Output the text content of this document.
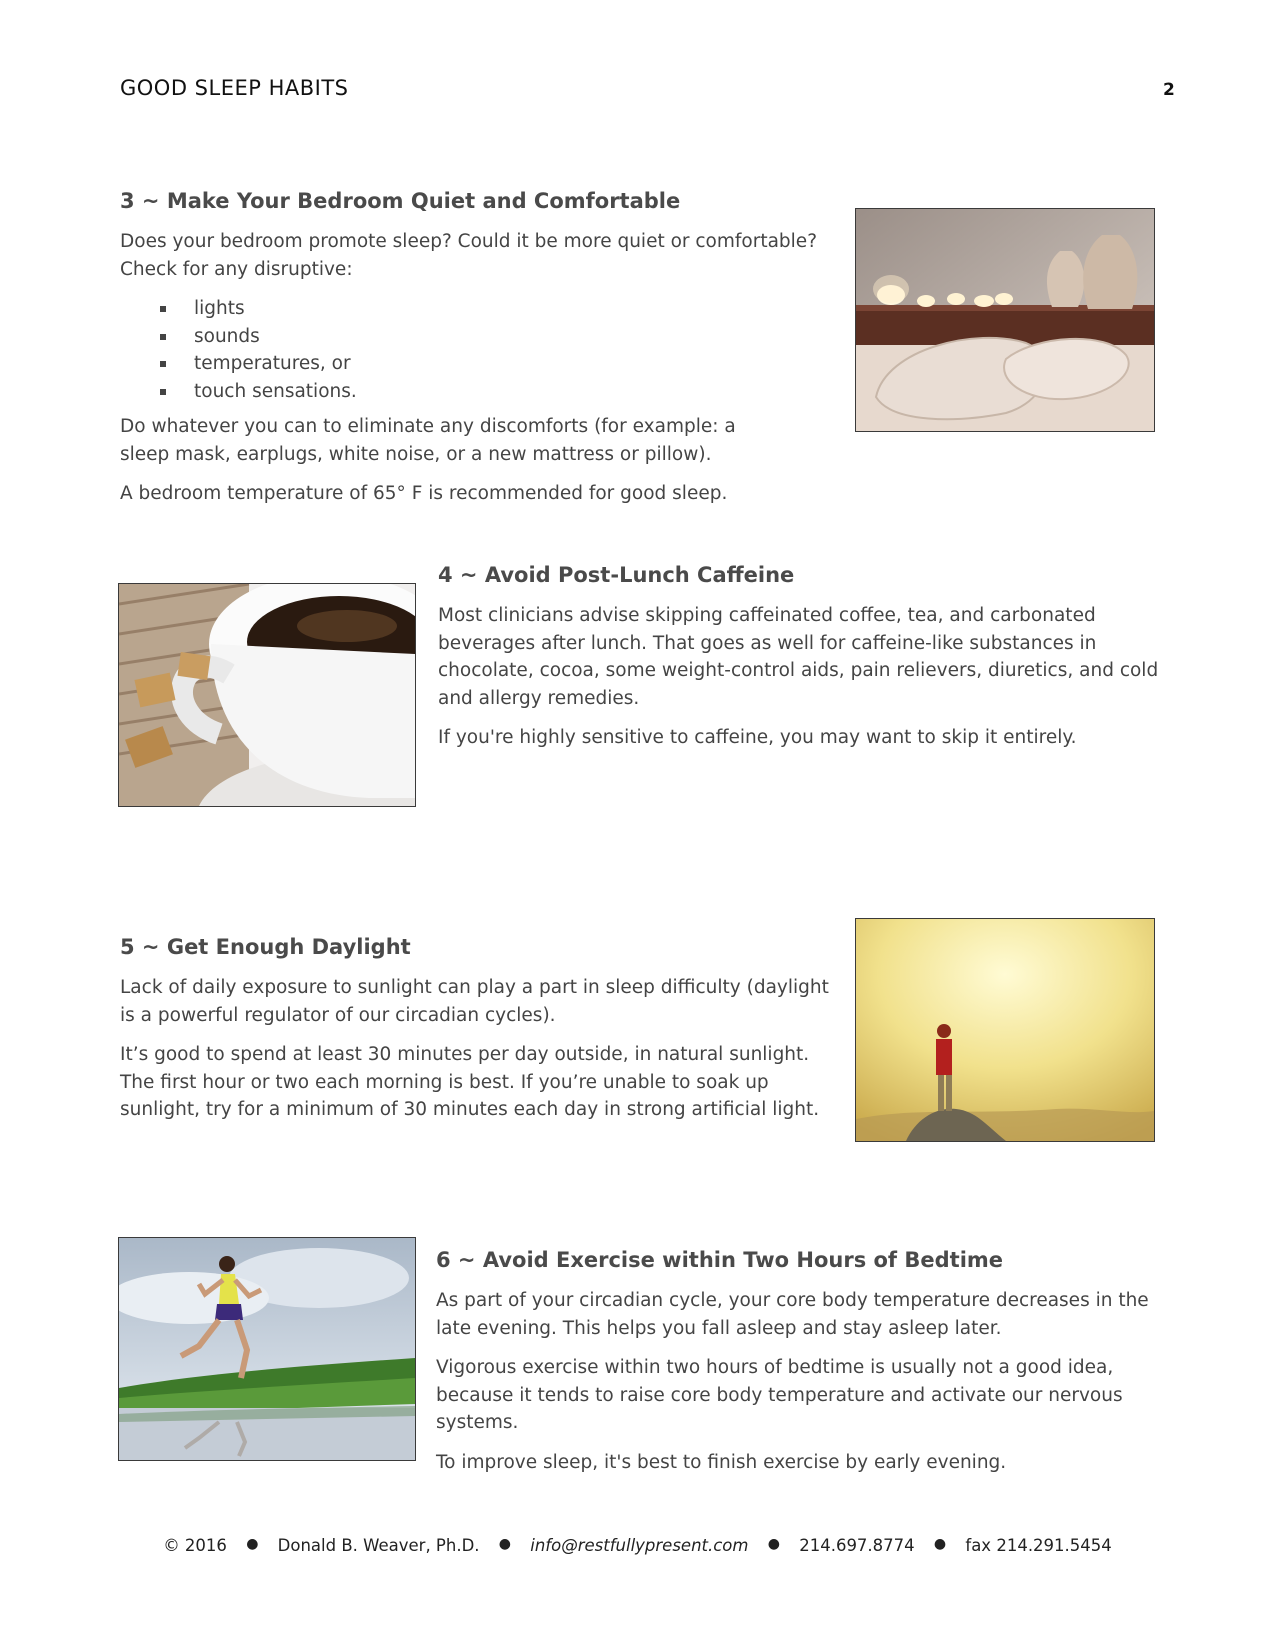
GOOD SLEEP HABITS	2
3 ~ Make Your Bedroom Quiet and Comfortable

Does your bedroom promote sleep? Could it be more quiet or comfortable? Check for any disruptive:

lights
sounds
temperatures, or
touch sensations.

Do whatever you can to eliminate any discomforts (for example: a sleep mask, earplugs, white noise, or a new mattress or pillow).

A bedroom temperature of 65° F is recommended for good sleep.

4 ~ Avoid Post-Lunch Caffeine

Most clinicians advise skipping caffeinated coffee, tea, and carbonated beverages after lunch. That goes as well for caffeine-like substances in chocolate, cocoa, some weight-control aids, pain relievers, diuretics, and cold and allergy remedies.

If you're highly sensitive to caffeine, you may want to skip it entirely.

5 ~ Get Enough Daylight

Lack of daily exposure to sunlight can play a part in sleep difficulty (daylight is a powerful regulator of our circadian cycles).

It’s good to spend at least 30 minutes per day outside, in natural sunlight. The first hour or two each morning is best. If you’re unable to soak up sunlight, try for a minimum of 30 minutes each day in strong artificial light.

6 ~ Avoid Exercise within Two Hours of Bedtime

As part of your circadian cycle, your core body temperature decreases in the late evening. This helps you fall asleep and stay asleep later.

Vigorous exercise within two hours of bedtime is usually not a good idea, because it tends to raise core body temperature and activate our nervous systems.

To improve sleep, it's best to finish exercise by early evening.

© 2016 ● Donald B. Weaver, Ph.D. ● info@restfullypresent.com ● 214.697.8774 ● fax 214.291.5454
